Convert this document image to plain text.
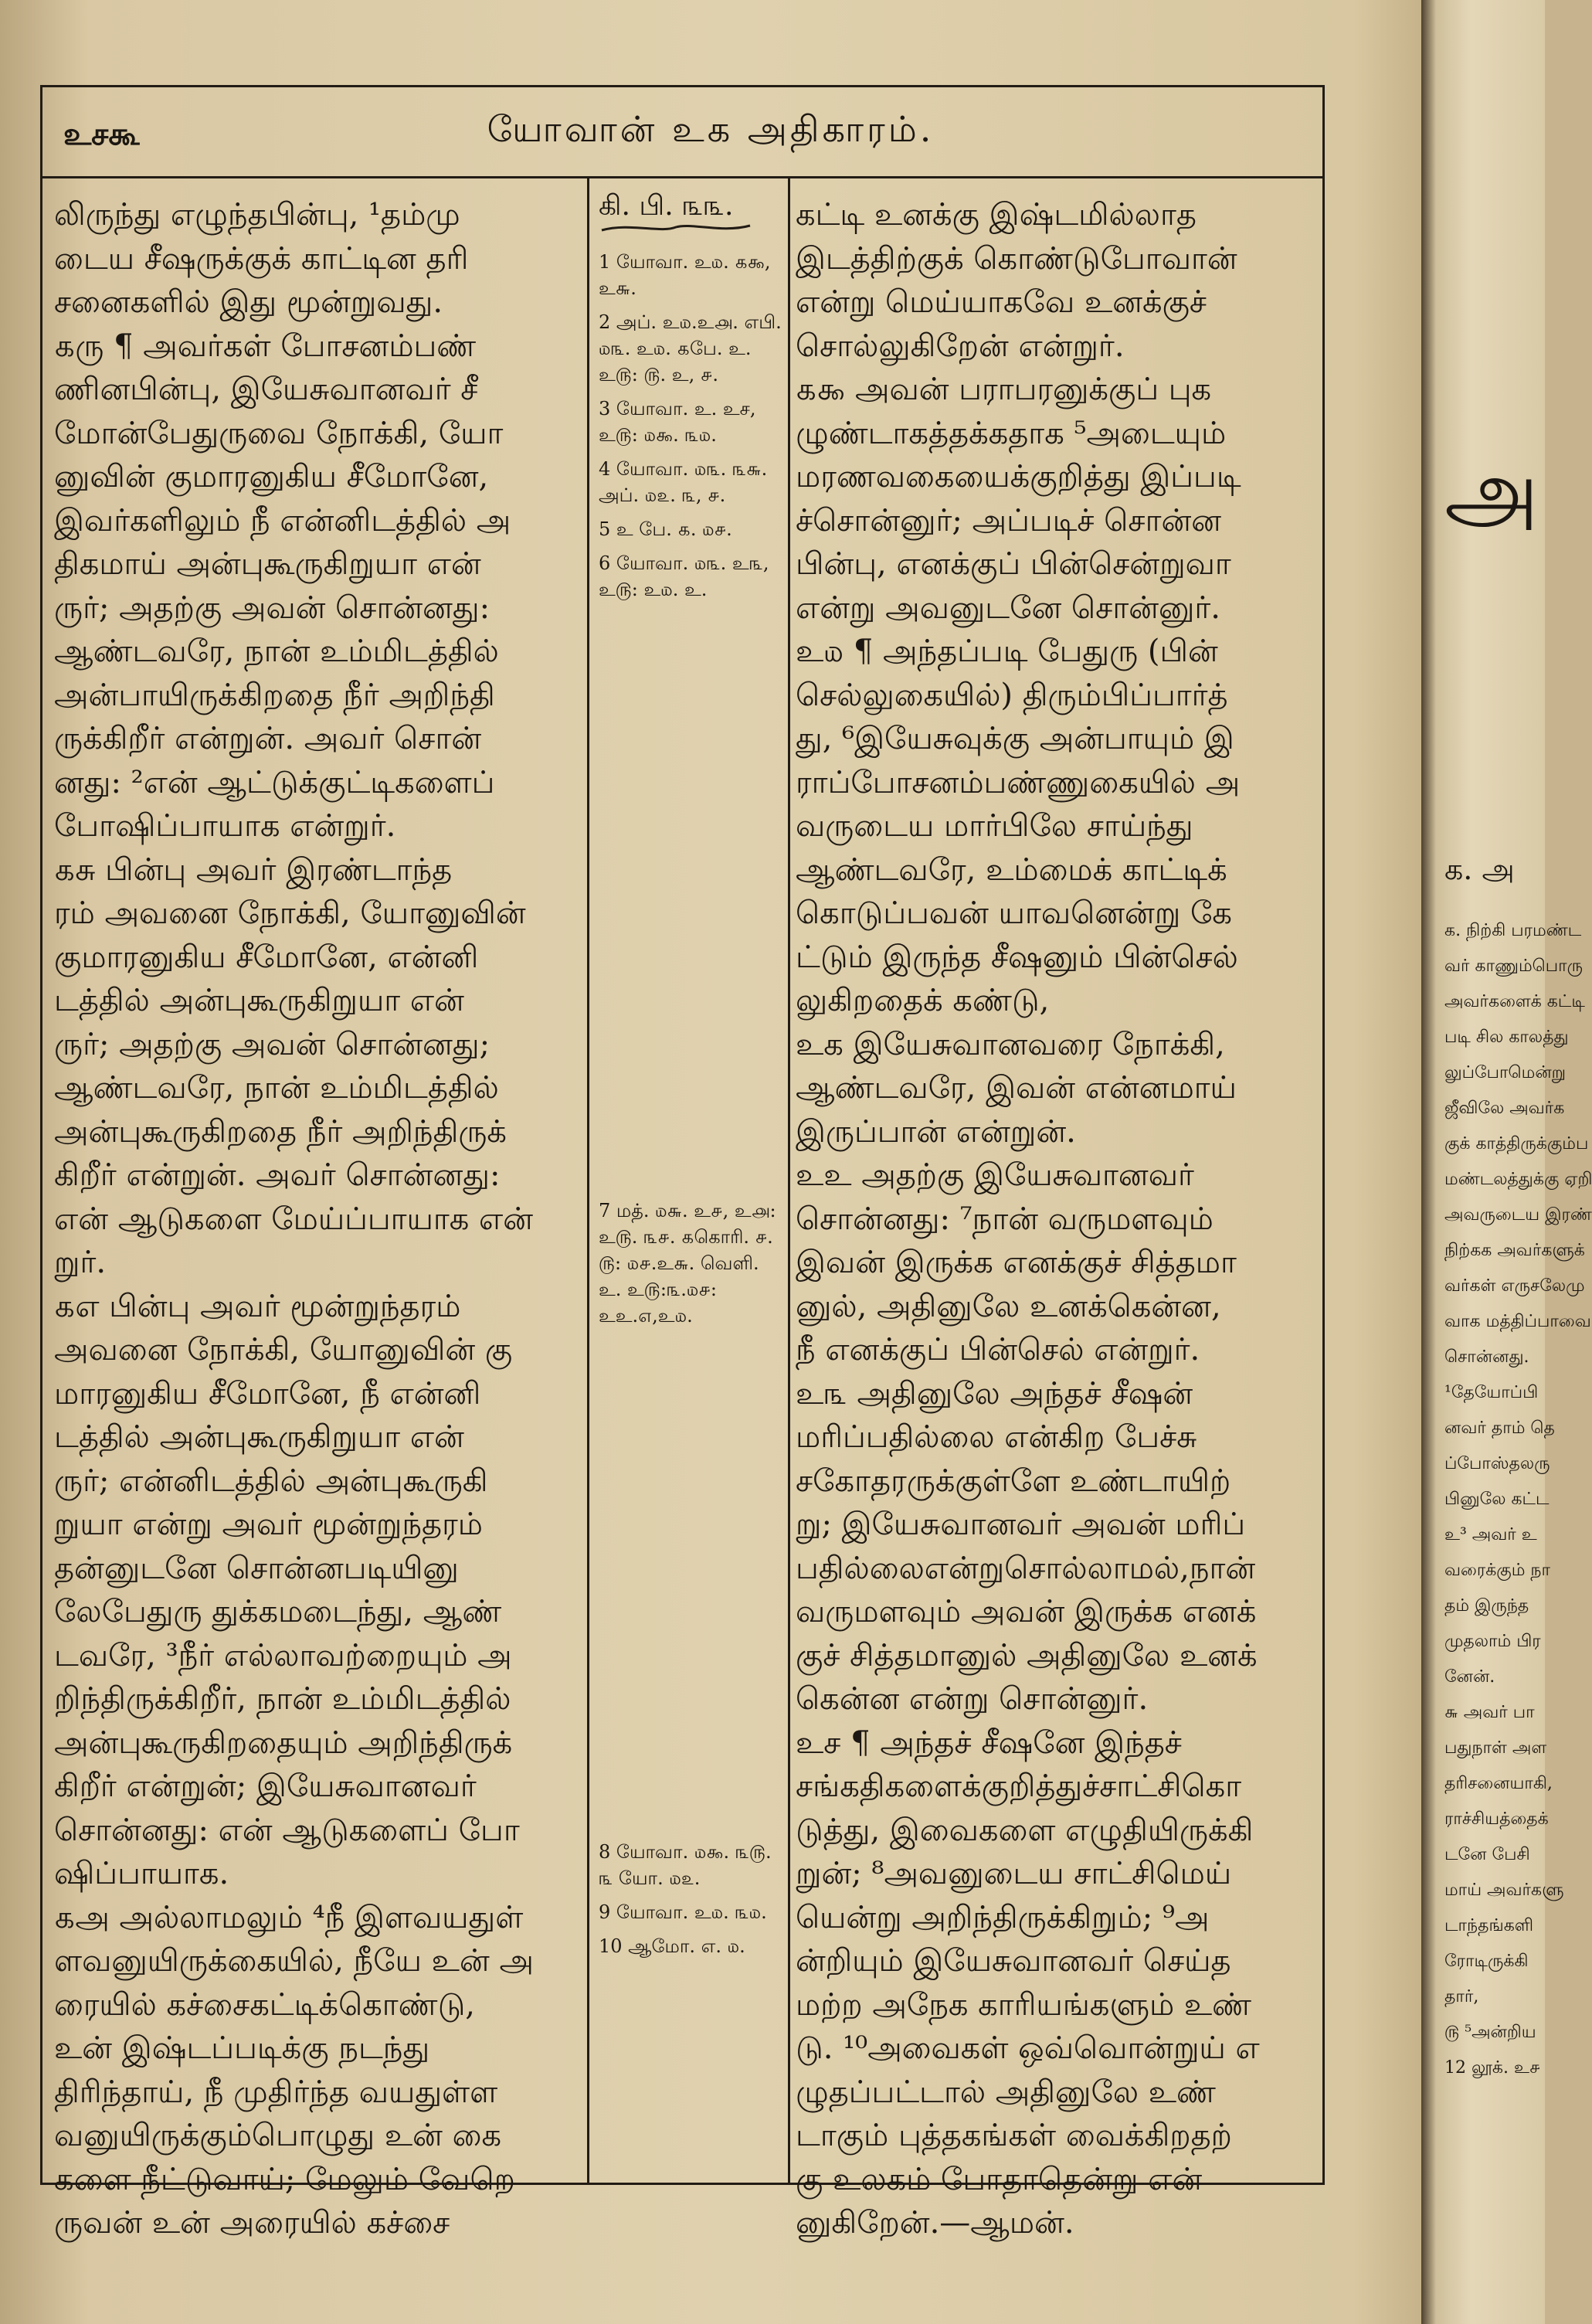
உசகூ	யோவான் உக அதிகாரம்.
லிருந்து எழுந்தபின்பு, ¹தம்மு
டைய சீஷருக்குக் காட்டின தரி
சனைகளில் இது மூன்றுவது.
௧ரு ¶ அவர்கள் போசனம்பண்
ணினபின்பு, இயேசுவானவர் சீ
மோன்பேதுருவை நோக்கி, யோ
னுவின் குமாரனுகிய சீமோனே,
இவர்களிலும் நீ என்னிடத்தில் அ
திகமாய் அன்புகூருகிறுயா என்
ருர்; அதற்கு அவன் சொன்னது:
ஆண்டவரே, நான் உம்மிடத்தில்
அன்பாயிருக்கிறதை நீர் அறிந்தி
ருக்கிறீர் என்றுன். அவர் சொன்
னது: ²என் ஆட்டுக்குட்டிகளைப்
போஷிப்பாயாக என்றுர்.
௧சு பின்பு அவர் இரண்டாந்த
ரம் அவனை நோக்கி, யோனுவின்
குமாரனுகிய சீமோனே, என்னி
டத்தில் அன்புகூருகிறுயா என்
ருர்; அதற்கு அவன் சொன்னது;
ஆண்டவரே, நான் உம்மிடத்தில்
அன்புகூருகிறதை நீர் அறிந்திருக்
கிறீர் என்றுன். அவர் சொன்னது:
என் ஆடுகளை மேய்ப்பாயாக என்
றுர்.
௧எ பின்பு அவர் மூன்றுந்தரம்
அவனை நோக்கி, யோனுவின் கு
மாரனுகிய சீமோனே, நீ என்னி
டத்தில் அன்புகூருகிறுயா என்
ருர்; என்னிடத்தில் அன்புகூருகி
றுயா என்று அவர் மூன்றுந்தரம்
தன்னுடனே சொன்னபடியினு
லேபேதுரு துக்கமடைந்து, ஆண்
டவரே, ³நீர் எல்லாவற்றையும் அ
றிந்திருக்கிறீர், நான் உம்மிடத்தில்
அன்புகூருகிறதையும் அறிந்திருக்
கிறீர் என்றுன்; இயேசுவானவர்
சொன்னது: என் ஆடுகளைப் போ
ஷிப்பாயாக.
௧அ அல்லாமலும் ⁴நீ இளவயதுள்
ளவனுயிருக்கையில், நீயே உன் அ
ரையில் கச்சைகட்டிக்கொண்டு,
உன் இஷ்டப்படிக்கு நடந்து
திரிந்தாய், நீ முதிர்ந்த வயதுள்ள
வனுயிருக்கும்பொழுது உன் கை
களை நீட்டுவாய்; மேலும் வேறெ
ருவன் உன் அரையில் கச்சை
கி. பி. ௩௩.
1 யோவா. உ௰. ௧௯, உ௬.
2 அப். உ௰.உ௮. எபி. ௰௩. உ௰. ௧பே. உ. உ௫: ௫. உ, ௪.
3 யோவா. உ. உச, உ௫: ௰௯. ௩௰.
4 யோவா. ௰௩. ௩௬. அப். ௰௨. ௩, ௪.
5 உ பே. ௧. ௰௪.
6 யோவா. ௰௩. உ௩, உ௫: உ௰. உ.
7 மத். ௰௬. உ௪, உ௮: உ௫. ௩௪. ௧கொரி. ௪. ௫: ௰௪.உ௬. வெளி. உ. உ௫:௩.௰௪: உஉ.௭,உ௰.
8 யோவா. ௰௯. ௩௫. ௩ யோ. ௰௨.
9 யோவா. உ௰. ௩௰.
10 ஆமோ. எ. ௰.
கட்டி உனக்கு இஷ்டமில்லாத
இடத்திற்குக் கொண்டுபோவான்
என்று மெய்யாகவே உனக்குச்
சொல்லுகிறேன் என்றுர்.
௧௯ அவன் பராபரனுக்குப் புக
ழுண்டாகத்தக்கதாக ⁵அடையும்
மரணவகையைக்குறித்து இப்படி
ச்சொன்னுர்; அப்படிச் சொன்ன
பின்பு, எனக்குப் பின்சென்றுவா
என்று அவனுடனே சொன்னுர்.
உ௰ ¶ அந்தப்படி பேதுரு (பின்
செல்லுகையில்) திரும்பிப்பார்த்
து, ⁶இயேசுவுக்கு அன்பாயும் இ
ராப்போசனம்பண்ணுகையில் அ
வருடைய மார்பிலே சாய்ந்து
ஆண்டவரே, உம்மைக் காட்டிக்
கொடுப்பவன் யாவனென்று கே
ட்டும் இருந்த சீஷனும் பின்செல்
லுகிறதைக் கண்டு,
உக இயேசுவானவரை நோக்கி,
ஆண்டவரே, இவன் என்னமாய்
இருப்பான் என்றுன்.
உஉ அதற்கு இயேசுவானவர்
சொன்னது: ⁷நான் வருமளவும்
இவன் இருக்க எனக்குச் சித்தமா
னுல், அதினுலே உனக்கென்ன,
நீ எனக்குப் பின்செல் என்றுர்.
உ௩ அதினுலே அந்தச் சீஷன்
மரிப்பதில்லை என்கிற பேச்சு
சகோதரருக்குள்ளே உண்டாயிற்
று; இயேசுவானவர் அவன் மரிப்
பதில்லைஎன்றுசொல்லாமல்,நான்
வருமளவும் அவன் இருக்க எனக்
குச் சித்தமானுல் அதினுலே உனக்
கென்ன என்று சொன்னுர்.
உச ¶ அந்தச் சீஷனே இந்தச்
சங்கதிகளைக்குறித்துச்சாட்சிகொ
டுத்து, இவைகளை எழுதியிருக்கி
றுன்; ⁸அவனுடைய சாட்சிமெய்
யென்று அறிந்திருக்கிறும்; ⁹அ
ன்றியும் இயேசுவானவர் செய்த
மற்ற அநேக காரியங்களும் உண்
டு. ¹⁰அவைகள் ஒவ்வொன்றுய் எ
ழுதப்பட்டால் அதினுலே உண்
டாகும் புத்தகங்கள் வைக்கிறதற்
கு உலகம் போதாதென்று என்
னுகிறேன்.—ஆமன்.
அ
க. அ
க. நிற்கி பரமண்ட
வர் காணும்பொரு
அவர்களைக் கட்டி
படி சில காலத்து
லுப்போமென்று
ஜீவிலே அவர்க
குக் காத்திருக்கும்ப
மண்டலத்துக்கு ஏறி
அவருடைய இரண்
நிற்கக அவர்களுக்
வர்கள் எருசலேமு
வாக மத்திப்பாவை
சொன்னது.
¹தேயோப்பி
னவர் தாம் தெ
ப்போஸ்தலரு
பினுலே கட்ட
உ³ அவர் உ
வரைக்கும் நா
தம் இருந்த
முதலாம் பிர
னேன்.
௬ அவர் பா
பதுநாள் அள
தரிசனையாகி,
ராச்சியத்தைக்
டனே பேசி
மாய் அவர்களு
டாந்தங்களி
ரோடிருக்கி
தார்,
௫ ⁵அன்றிய
12 லூக். உ௪
